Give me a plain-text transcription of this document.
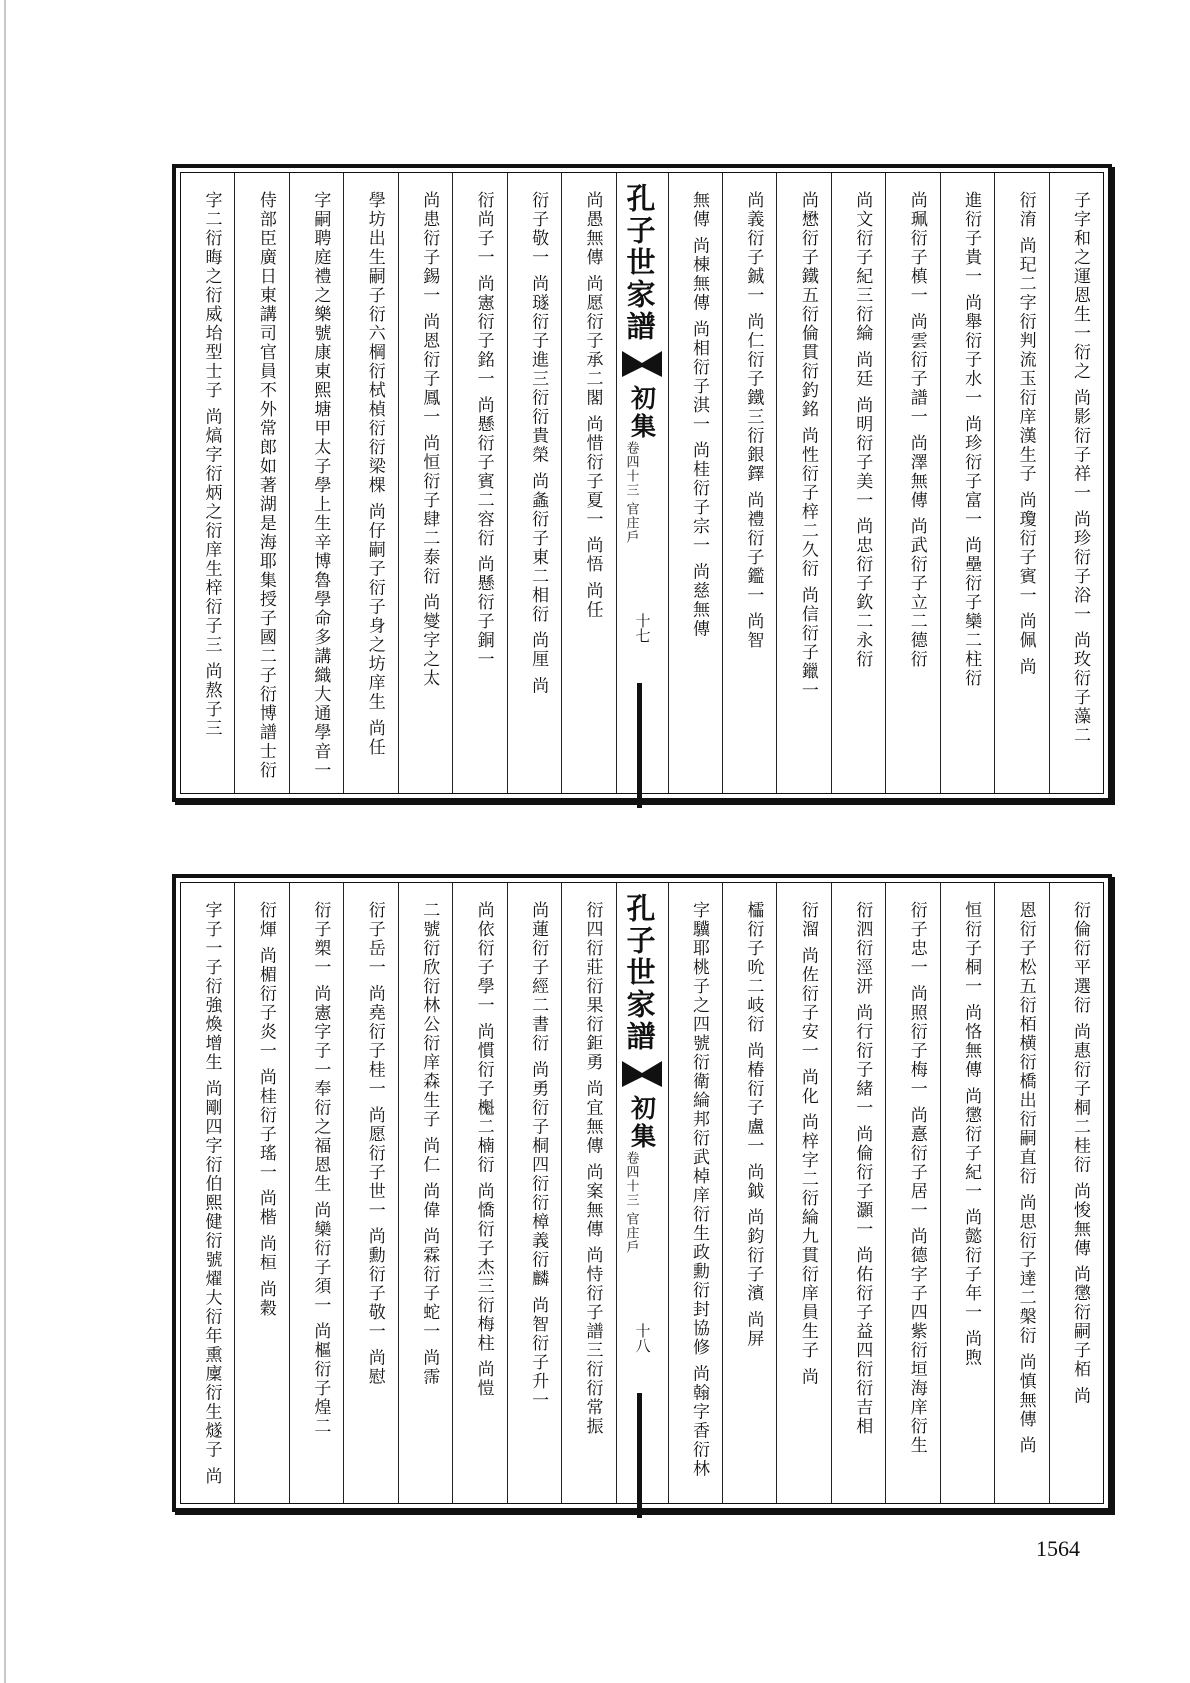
子字和之運恩生一衍之 尚影衍子祥一 尚珍衍子浴一 尚玫衍子藻二
衍淯 尚玘二字衍判流玉衍庠漢生子 尚瓊衍子賓一 尚佩 尚
進衍子貴一 尚舉衍子水一 尚珍衍子富一 尚壘衍子欒二柱衍
尚珮衍子槙一 尚雲衍子譜一 尚澤無傳 尚武衍子立二德衍
尚文衍子紀三衍綸 尚廷 尚明衍子美一 尚忠衍子欽二永衍
尚懋衍子鐵五衍倫貫衍釣銘 尚性衍子梓二久衍 尚信衍子鑞一
尚義衍子鋮一 尚仁衍子鐵三衍銀鐸 尚禮衍子鑑一 尚智
無傳 尚棟無傳 尚相衍子淇一 尚桂衍子宗一 尚慈無傳
孔子世家譜
初集
卷四十三 官庄戶
十七
尚愚無傳 尚愿衍子承二閣 尚惜衍子夏一 尚悟 尚任
衍子敬一 尚璲衍子進三衍衍貴榮 尚螽衍子東二相衍 尚厘 尚
衍尚子一 尚憲衍子銘一 尚懸衍子賓二容衍 尚懸衍子銅一
尚患衍子錫一 尚恩衍子鳳一 尚恒衍子肆二泰衍 尚燮字之太
學坊出生嗣子衍六棡衍栻楨衍衍梁棵 尚仔嗣子衍子身之坊庠生 尚任
字嗣聘庭禮之樂號康東熙塘甲太子學上生辛博魯學命多講織大通學音一
侍部臣廣日東講司官員不外常郎如著湖是海耶集授子國二子衍博譜士衍
字二衍晦之衍威坮型士子 尚熇字衍炳之衍庠生梓衍子三 尚熬子三
衍倫衍平選衍 尚惠衍子桐二桂衍 尚悛無傳 尚懲衍嗣子栢 尚
恩衍子松五衍栢横衍橋出衍嗣直衍 尚思衍子達二槃衍 尚慎無傳 尚
恒衍子桐一 尚恪無傳 尚懲衍子紀一 尚懿衍子年一 尚煦
衍子忠一 尚照衍子梅一 尚憙衍子居一 尚德字子四紫衍垣海庠衍生
衍泗衍涇汧 尚行衍子緒一 尚倫衍子灝一 尚佑衍子益四衍衍吉相
衍溜 尚佐衍子安一 尚化 尚梓字二衍綸九貫衍庠員生子 尚
櫺衍子吮二岐衍 尚椿衍子盧一 尚鉞 尚鈞衍子濱 尚屏
字驥耶桃子之四號衍衛綸邦衍武棹庠衍生政勳衍封協修 尚翰字香衍林
孔子世家譜
初集
卷四十三 官庄戶
十八
衍四衍莊衍果衍鉅勇 尚宜無傳 尚案無傳 尚恃衍子譜三衍衍常振
尚蓮衍子經二書衍 尚勇衍子桐四衍衍樟義衍麟 尚智衍子升一
尚依衍子學一 尚慣衍子櫆二楠衍 尚憍衍子杰三衍梅柱 尚愷
二號衍欣衍林公衍庠森生子 尚仁 尚偉 尚霖衍子蛇一 尚霈
衍子岳一 尚堯衍子桂一 尚愿衍子世一 尚勳衍子敬一 尚慰
衍子槊一 尚憲字子一奉衍之福恩生 尚欒衍子須一 尚樞衍子煌二
衍煇 尚楣衍子炎一 尚桂衍子瑤一 尚楷 尚桓 尚穀
字子一子衍強煥增生 尚剛四字衍伯熙健衍號燿大衍年熏廩衍生燧子 尚
1564
